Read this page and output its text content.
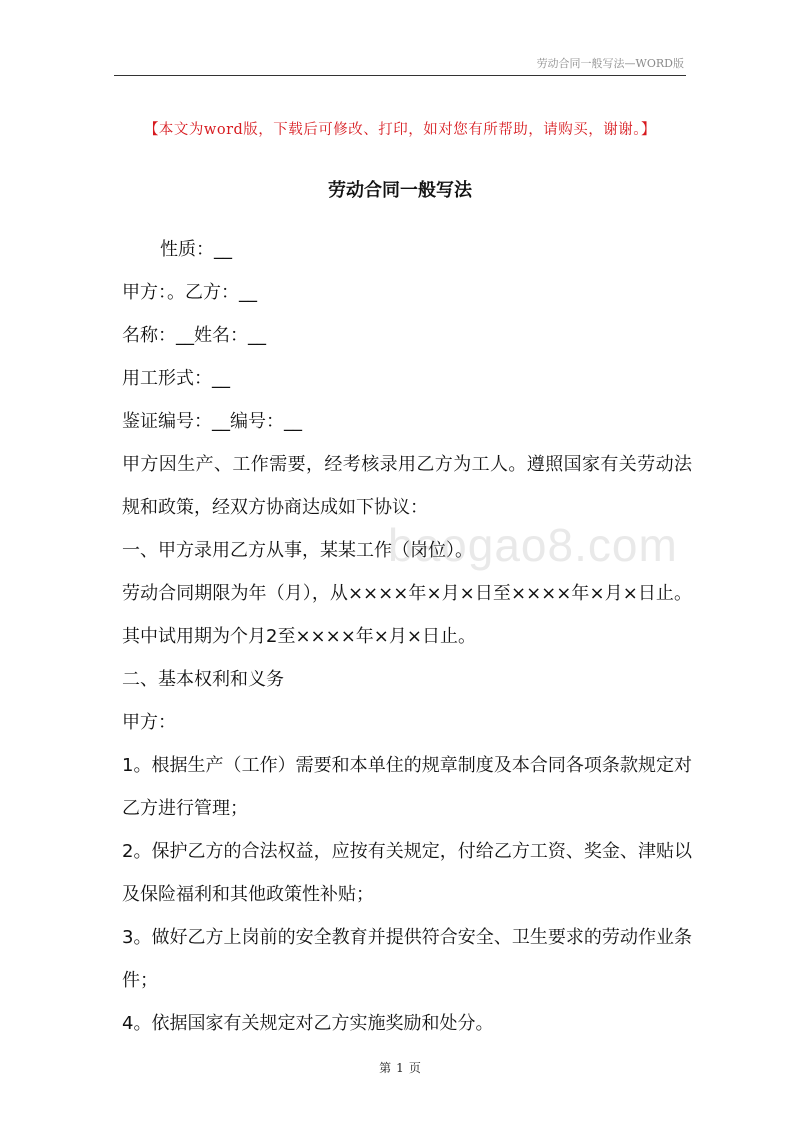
劳动合同一般写法—WORD版
【本文为word版，下载后可修改、打印，如对您有所帮助，请购买，谢谢。】
劳动合同一般写法
baogao8.com

性质：__

甲方：。乙方：__

名称：__姓名：__

用工形式：__

鉴证编号：__编号：__

甲方因生产、工作需要，经考核录用乙方为工人。遵照国家有关劳动法规和政策，经双方协商达成如下协议：

一、甲方录用乙方从事，某某工作（岗位）。

劳动合同期限为年（月），从××××年×月×日至××××年×月×日止。其中试用期为个月2至××××年×月×日止。

二、基本权利和义务

甲方：

1。根据生产（工作）需要和本单住的规章制度及本合同各项条款规定对乙方进行管理；

2。保护乙方的合法权益，应按有关规定，付给乙方工资、奖金、津贴以及保险福利和其他政策性补贴；

3。做好乙方上岗前的安全教育并提供符合安全、卫生要求的劳动作业条件；

4。依据国家有关规定对乙方实施奖励和处分。

第 1 页
